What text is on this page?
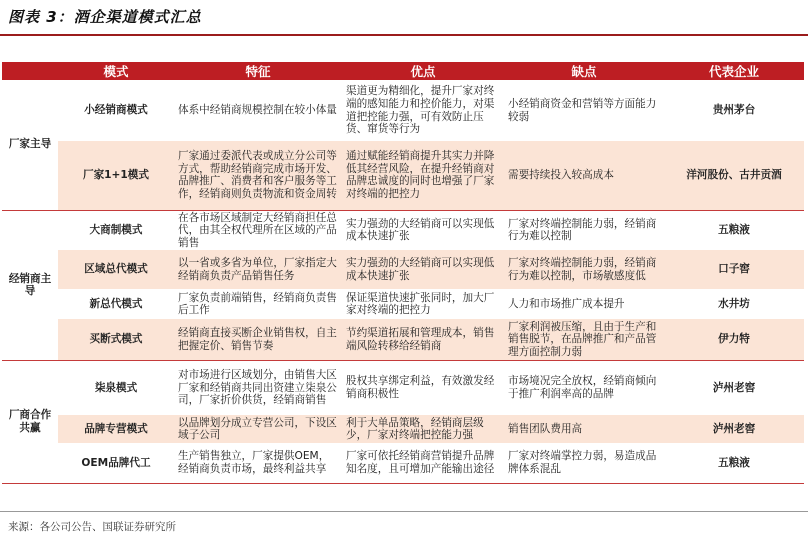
图表 3：酒企渠道模式汇总
	模式	特征	优点	缺点	代表企业
厂家主导	小经销商模式	体系中经销商规模控制在较小体量	渠道更为精细化，提升厂家对终端的感知能力和控价能力，对渠道把控能力强，可有效防止压货、窜货等行为	小经销商资金和营销等方面能力较弱	贵州茅台
	厂家1+1模式	厂家通过委派代表或成立分公司等方式，帮助经销商完成市场开发、品牌推广、消费者和客户服务等工作，经销商则负责物流和资金周转	通过赋能经销商提升其实力并降低其经营风险，在提升经销商对品牌忠诚度的同时也增强了厂家对终端的把控力	需要持续投入较高成本	洋河股份、古井贡酒
经销商主导	大商制模式	在各市场区域制定大经销商担任总代，由其全权代理所在区域的产品销售	实力强劲的大经销商可以实现低成本快速扩张	厂家对终端控制能力弱，经销商行为难以控制	五粮液
	区域总代模式	以一省或多省为单位，厂家指定大经销商负责产品销售任务	实力强劲的大经销商可以实现低成本快速扩张	厂家对终端控制能力弱，经销商行为难以控制，市场敏感度低	口子窖
	新总代模式	厂家负责前端销售，经销商负责售后工作	保证渠道快速扩张同时，加大厂家对终端的把控力	人力和市场推广成本提升	水井坊
	买断式模式	经销商直接买断企业销售权，自主把握定价、销售节奏	节约渠道拓展和管理成本，销售端风险转移给经销商	厂家利润被压缩，且由于生产和销售脱节，在品牌推广和产品管理方面控制力弱	伊力特
厂商合作共赢	柒泉模式	对市场进行区域划分，由销售大区厂家和经销商共同出资建立柒泉公司，厂家折价供货，经销商销售	股权共享绑定利益，有效激发经销商积极性	市场境况完全放权，经销商倾向于推广利润率高的品牌	泸州老窖
	品牌专营模式	以品牌划分成立专营公司，下设区域子公司	利于大单品策略，经销商层级少，厂家对终端把控能力强	销售团队费用高	泸州老窖
	OEM品牌代工	生产销售独立，厂家提供OEM，经销商负责市场，最终利益共享	厂家可依托经销商营销提升品牌知名度，且可增加产能输出途径	厂家对终端掌控力弱，易造成品牌体系混乱	五粮液
来源：各公司公告、国联证券研究所
